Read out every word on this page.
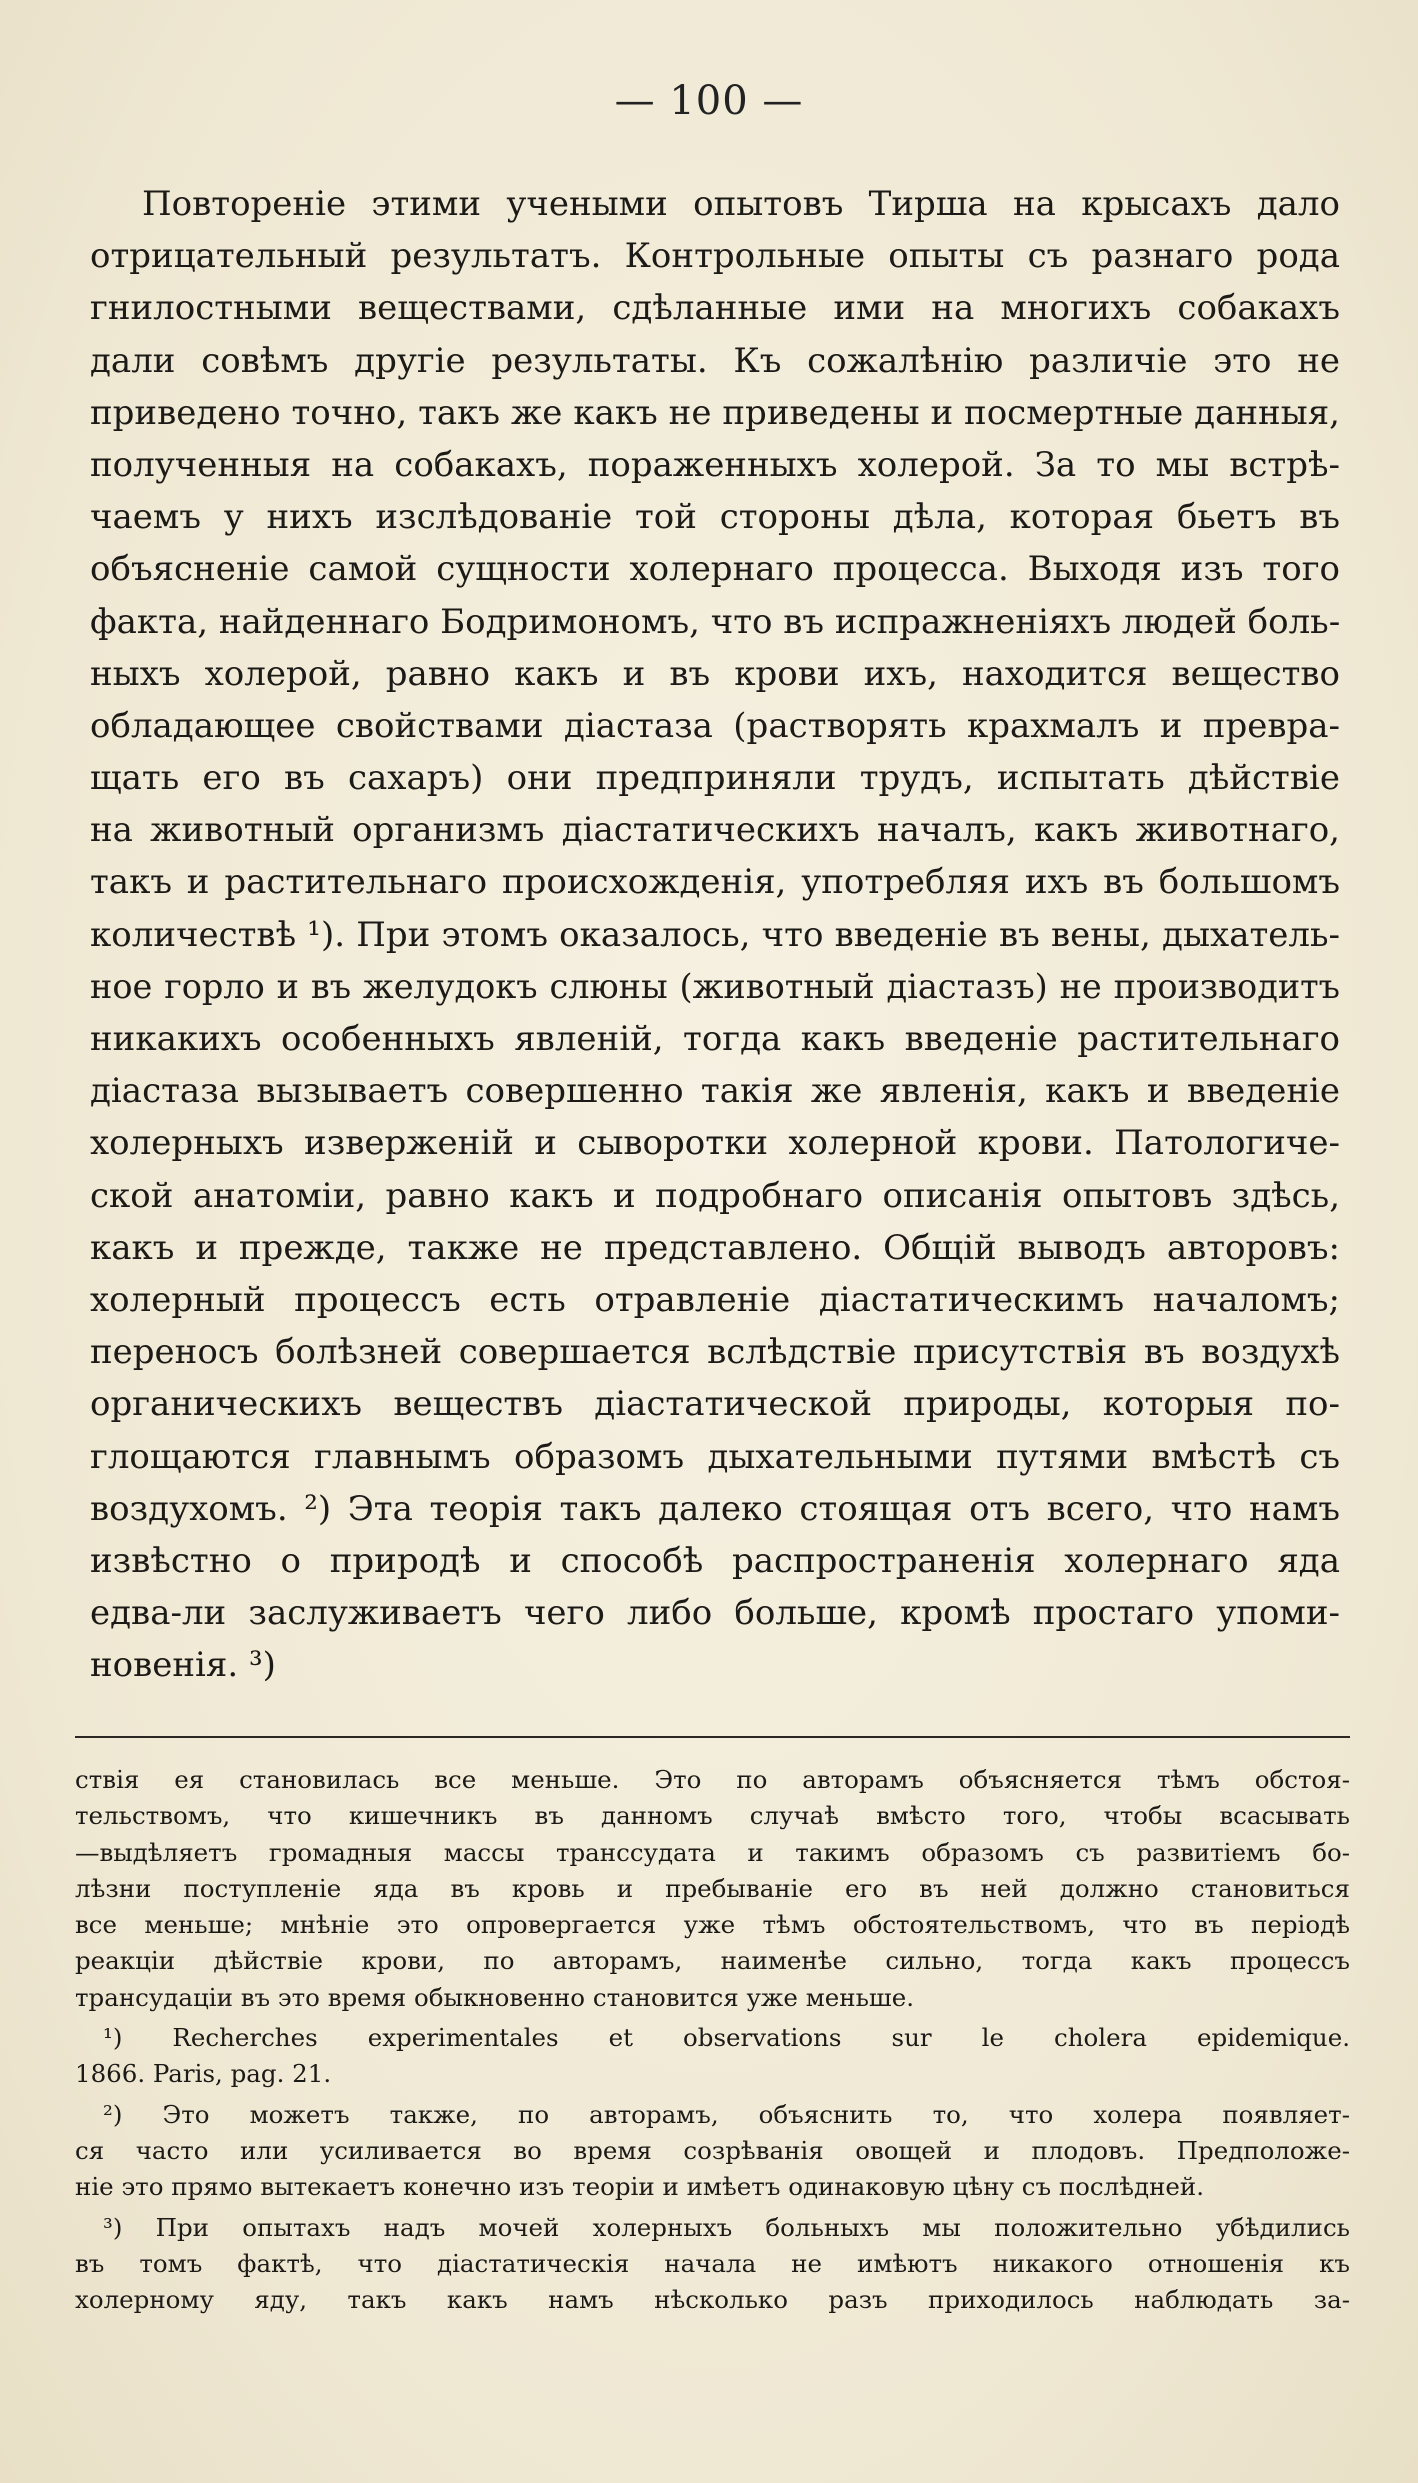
— 100 —
Повтореніе этими учеными опытовъ Тирша на крысахъ дало
отрицательный результатъ. Контрольные опыты съ разнаго рода
гнилостными веществами, сдѣланные ими на многихъ собакахъ
дали совѣмъ другіе результаты. Къ сожалѣнію различіе это не
приведено точно, такъ же какъ не приведены и посмертные данныя,
полученныя на собакахъ, пораженныхъ холерой. За то мы встрѣ-
чаемъ у нихъ изслѣдованіе той стороны дѣла, которая бьетъ въ
объясненіе самой сущности холернаго процесса. Выходя изъ того
факта, найденнаго Бодримономъ, что въ испражненіяхъ людей боль-
ныхъ холерой, равно какъ и въ крови ихъ, находится вещество
обладающее свойствами діастаза (растворять крахмалъ и превра-
щать его въ сахаръ) они предприняли трудъ, испытать дѣйствіе
на животный организмъ діастатическихъ началъ, какъ животнаго,
такъ и растительнаго происхожденія, употребляя ихъ въ большомъ
количествѣ ¹). При этомъ оказалось, что введеніе въ вены, дыхатель-
ное горло и въ желудокъ слюны (животный діастазъ) не производитъ
никакихъ особенныхъ явленій, тогда какъ введеніе растительнаго
діастаза вызываетъ совершенно такія же явленія, какъ и введеніе
холерныхъ изверженій и сыворотки холерной крови. Патологиче-
ской анатоміи, равно какъ и подробнаго описанія опытовъ здѣсь,
какъ и прежде, также не представлено. Общій выводъ авторовъ:
холерный процессъ есть отравленіе діастатическимъ началомъ;
переносъ болѣзней совершается вслѣдствіе присутствія въ воздухѣ
органическихъ веществъ діастатической природы, которыя по-
глощаются главнымъ образомъ дыхательными путями вмѣстѣ съ
воздухомъ. ²) Эта теорія такъ далеко стоящая отъ всего, что намъ
извѣстно о природѣ и способѣ распространенія холернаго яда
едва-ли заслуживаетъ чего либо больше, кромѣ простаго упоми-
новенія. ³)
ствія ея становилась все меньше. Это по авторамъ объясняется тѣмъ обстоя-
тельствомъ, что кишечникъ въ данномъ случаѣ вмѣсто того, чтобы всасывать
—выдѣляетъ громадныя массы транссудата и такимъ образомъ съ развитіемъ бо-
лѣзни поступленіе яда въ кровь и пребываніе его въ ней должно становиться
все меньше; мнѣніе это опровергается уже тѣмъ обстоятельствомъ, что въ періодѣ
реакціи дѣйствіе крови, по авторамъ, наименѣе сильно, тогда какъ процессъ
трансудаціи въ это время обыкновенно становится уже меньше.
¹) Recherches experimentales et observations sur le cholera epidemique.
1866. Paris, pag. 21.
²) Это можетъ также, по авторамъ, объяснить то, что холера появляет-
ся часто или усиливается во время созрѣванія овощей и плодовъ. Предположе-
ніе это прямо вытекаетъ конечно изъ теоріи и имѣетъ одинаковую цѣну съ послѣдней.
³) При опытахъ надъ мочей холерныхъ больныхъ мы положительно убѣдились
въ томъ фактѣ, что діастатическія начала не имѣютъ никакого отношенія къ
холерному яду, такъ какъ намъ нѣсколько разъ приходилось наблюдать за-
